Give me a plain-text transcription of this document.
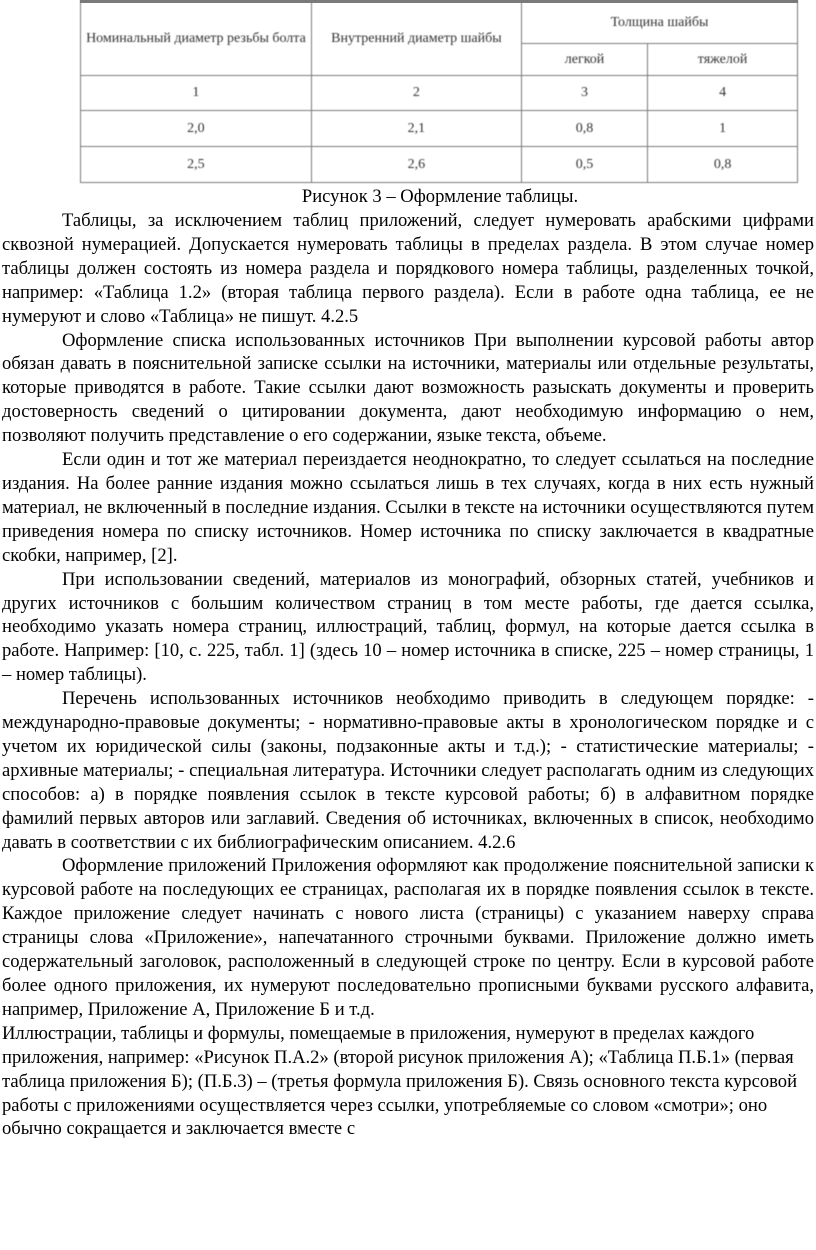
Номинальный диаметр резьбы болта	Внутренний диаметр шайбы	Толщина шайбы	
		легкой	тяжелой
1	2	3	4
2,0	2,1	0,8	1
2,5	2,6	0,5	0,8
Рисунок 3 – Оформление таблицы.

Таблицы, за исключением таблиц приложений, следует нумеровать арабскими цифрами сквозной нумерацией. Допускается нумеровать таблицы в пределах раздела. В этом случае номер таблицы должен состоять из номера раздела и порядкового номера таблицы, разделенных точкой, например: «Таблица 1.2» (вторая таблица первого раздела). Если в работе одна таблица, ее не нумеруют и слово «Таблица» не пишут. 4.2.5

Оформление списка использованных источников При выполнении курсовой работы автор обязан давать в пояснительной записке ссылки на источники, материалы или отдельные результаты, которые приводятся в работе. Такие ссылки дают возможность разыскать документы и проверить достоверность сведений о цитировании документа, дают необходимую информацию о нем, позволяют получить представление о его содержании, языке текста, объеме.

Если один и тот же материал переиздается неоднократно, то следует ссылаться на последние издания. На более ранние издания можно ссылаться лишь в тех случаях, когда в них есть нужный материал, не включенный в последние издания. Ссылки в тексте на источники осуществляются путем приведения номера по списку источников. Номер источника по списку заключается в квадратные скобки, например, [2].

При использовании сведений, материалов из монографий, обзорных статей, учебников и других источников с большим количеством страниц в том месте работы, где дается ссылка, необходимо указать номера страниц, иллюстраций, таблиц, формул, на которые дается ссылка в работе. Например: [10, с. 225, табл. 1] (здесь 10 – номер источника в списке, 225 – номер страницы, 1 – номер таблицы).

Перечень использованных источников необходимо приводить в следующем порядке: - международно-правовые документы; - нормативно-правовые акты в хронологическом порядке и с учетом их юридической силы (законы, подзаконные акты и т.д.); - статистические материалы; - архивные материалы; - специальная литература. Источники следует располагать одним из следующих способов: а) в порядке появления ссылок в тексте курсовой работы; б) в алфавитном порядке фамилий первых авторов или заглавий. Сведения об источниках, включенных в список, необходимо давать в соответствии с их библиографическим описанием. 4.2.6

Оформление приложений Приложения оформляют как продолжение пояснительной записки к курсовой работе на последующих ее страницах, располагая их в порядке появления ссылок в тексте. Каждое приложение следует начинать с нового листа (страницы) с указанием наверху справа страницы слова «Приложение», напечатанного строчными буквами. Приложение должно иметь содержательный заголовок, расположенный в следующей строке по центру. Если в курсовой работе более одного приложения, их нумеруют последовательно прописными буквами русского алфавита, например, Приложение А, Приложение Б и т.д.

Иллюстрации, таблицы и формулы, помещаемые в приложения, нумеруют в пределах каждого приложения, например: «Рисунок П.А.2» (второй рисунок приложения А); «Таблица П.Б.1» (первая таблица приложения Б); (П.Б.3) – (третья формула приложения Б). Связь основного текста курсовой работы с приложениями осуществляется через ссылки, употребляемые со словом «смотри»; оно обычно сокращается и заключается вместе с
